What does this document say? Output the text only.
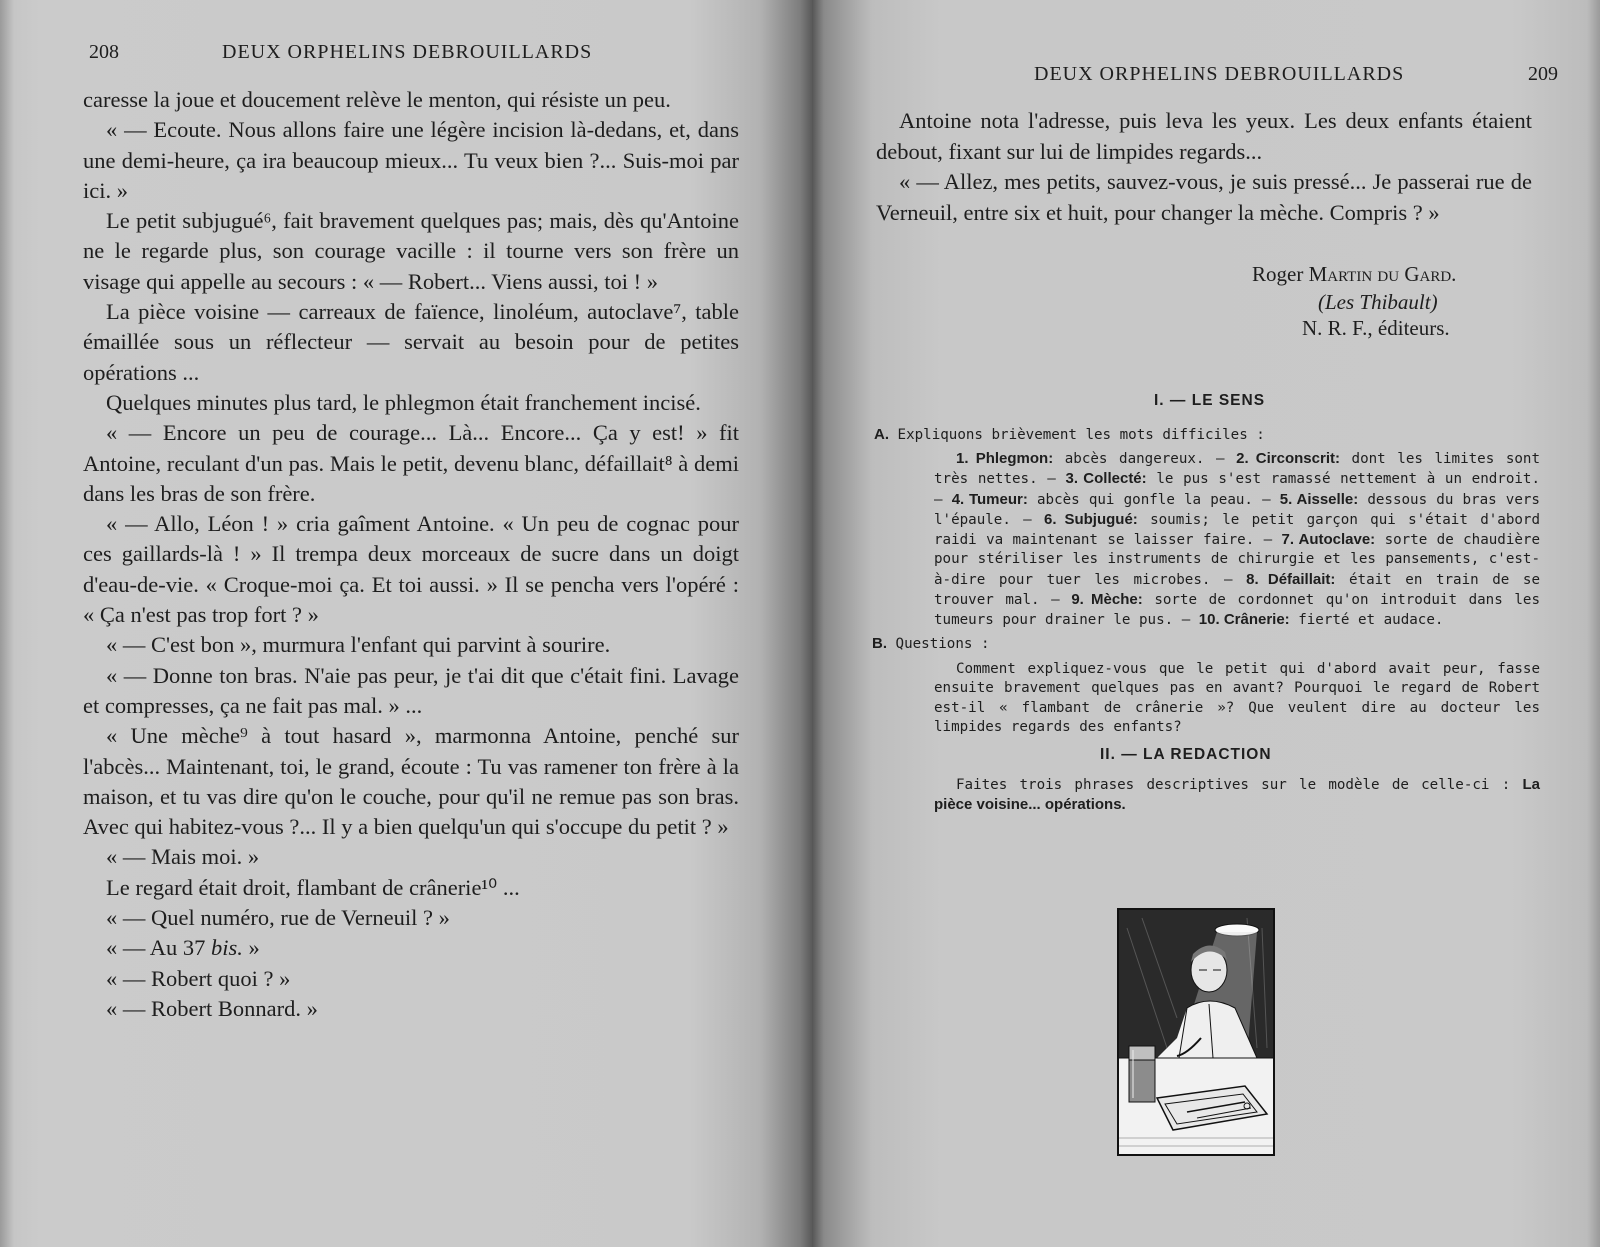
208	DEUX ORPHELINS DEBROUILLARDS

caresse la joue et doucement relève le menton, qui résiste un peu.

« — Ecoute. Nous allons faire une légère incision là-dedans, et, dans une demi-heure, ça ira beaucoup mieux... Tu veux bien ?... Suis-moi par ici. »

Le petit subjugué⁶, fait bravement quelques pas; mais, dès qu'Antoine ne le regarde plus, son courage vacille : il tourne vers son frère un visage qui appelle au secours : « — Robert... Viens aussi, toi ! »

La pièce voisine — carreaux de faïence, linoléum, autoclave⁷, table émaillée sous un réflecteur — servait au besoin pour de petites opérations ...

Quelques minutes plus tard, le phlegmon était franchement incisé.

« — Encore un peu de courage... Là... Encore... Ça y est! » fit Antoine, reculant d'un pas. Mais le petit, devenu blanc, défaillait⁸ à demi dans les bras de son frère.

« — Allo, Léon ! » cria gaîment Antoine. « Un peu de cognac pour ces gaillards-là ! » Il trempa deux morceaux de sucre dans un doigt d'eau-de-vie. « Croque-moi ça. Et toi aussi. » Il se pencha vers l'opéré : « Ça n'est pas trop fort ? »

« — C'est bon », murmura l'enfant qui parvint à sourire.

« — Donne ton bras. N'aie pas peur, je t'ai dit que c'était fini. Lavage et compresses, ça ne fait pas mal. » ...

« Une mèche⁹ à tout hasard », marmonna Antoine, penché sur l'abcès... Maintenant, toi, le grand, écoute : Tu vas ramener ton frère à la maison, et tu vas dire qu'on le couche, pour qu'il ne remue pas son bras. Avec qui habitez-vous ?... Il y a bien quelqu'un qui s'occupe du petit ? »

« — Mais moi. »

Le regard était droit, flambant de crânerie¹⁰ ...

« — Quel numéro, rue de Verneuil ? »

« — Au 37 bis. »

« — Robert quoi ? »

« — Robert Bonnard. »

DEUX ORPHELINS DEBROUILLARDS	209

Antoine nota l'adresse, puis leva les yeux. Les deux enfants étaient debout, fixant sur lui de limpides regards...

« — Allez, mes petits, sauvez-vous, je suis pressé... Je passerai rue de Verneuil, entre six et huit, pour changer la mèche. Compris ? »

Roger Martin du Gard.
(Les Thibault)
N. R. F., éditeurs.
I. — LE SENS
A. Expliquons brièvement les mots difficiles :
1. Phlegmon: abcès dangereux. — 2. Circonscrit: dont les limites sont très nettes. — 3. Collecté: le pus s'est ramassé nettement à un endroit. — 4. Tumeur: abcès qui gonfle la peau. — 5. Aisselle: dessous du bras vers l'épaule. — 6. Subjugué: soumis; le petit garçon qui s'était d'abord raidi va maintenant se laisser faire. — 7. Autoclave: sorte de chaudière pour stériliser les instruments de chirurgie et les pansements, c'est-à-dire pour tuer les microbes. — 8. Défaillait: était en train de se trouver mal. — 9. Mèche: sorte de cordonnet qu'on introduit dans les tumeurs pour drainer le pus. — 10. Crânerie: fierté et audace.
B. Questions :
Comment expliquez-vous que le petit qui d'abord avait peur, fasse ensuite bravement quelques pas en avant? Pourquoi le regard de Robert est-il « flambant de crânerie »? Que veulent dire au docteur les limpides regards des enfants?
II. — LA REDACTION
Faites trois phrases descriptives sur le modèle de celle-ci : La pièce voisine... opérations.
